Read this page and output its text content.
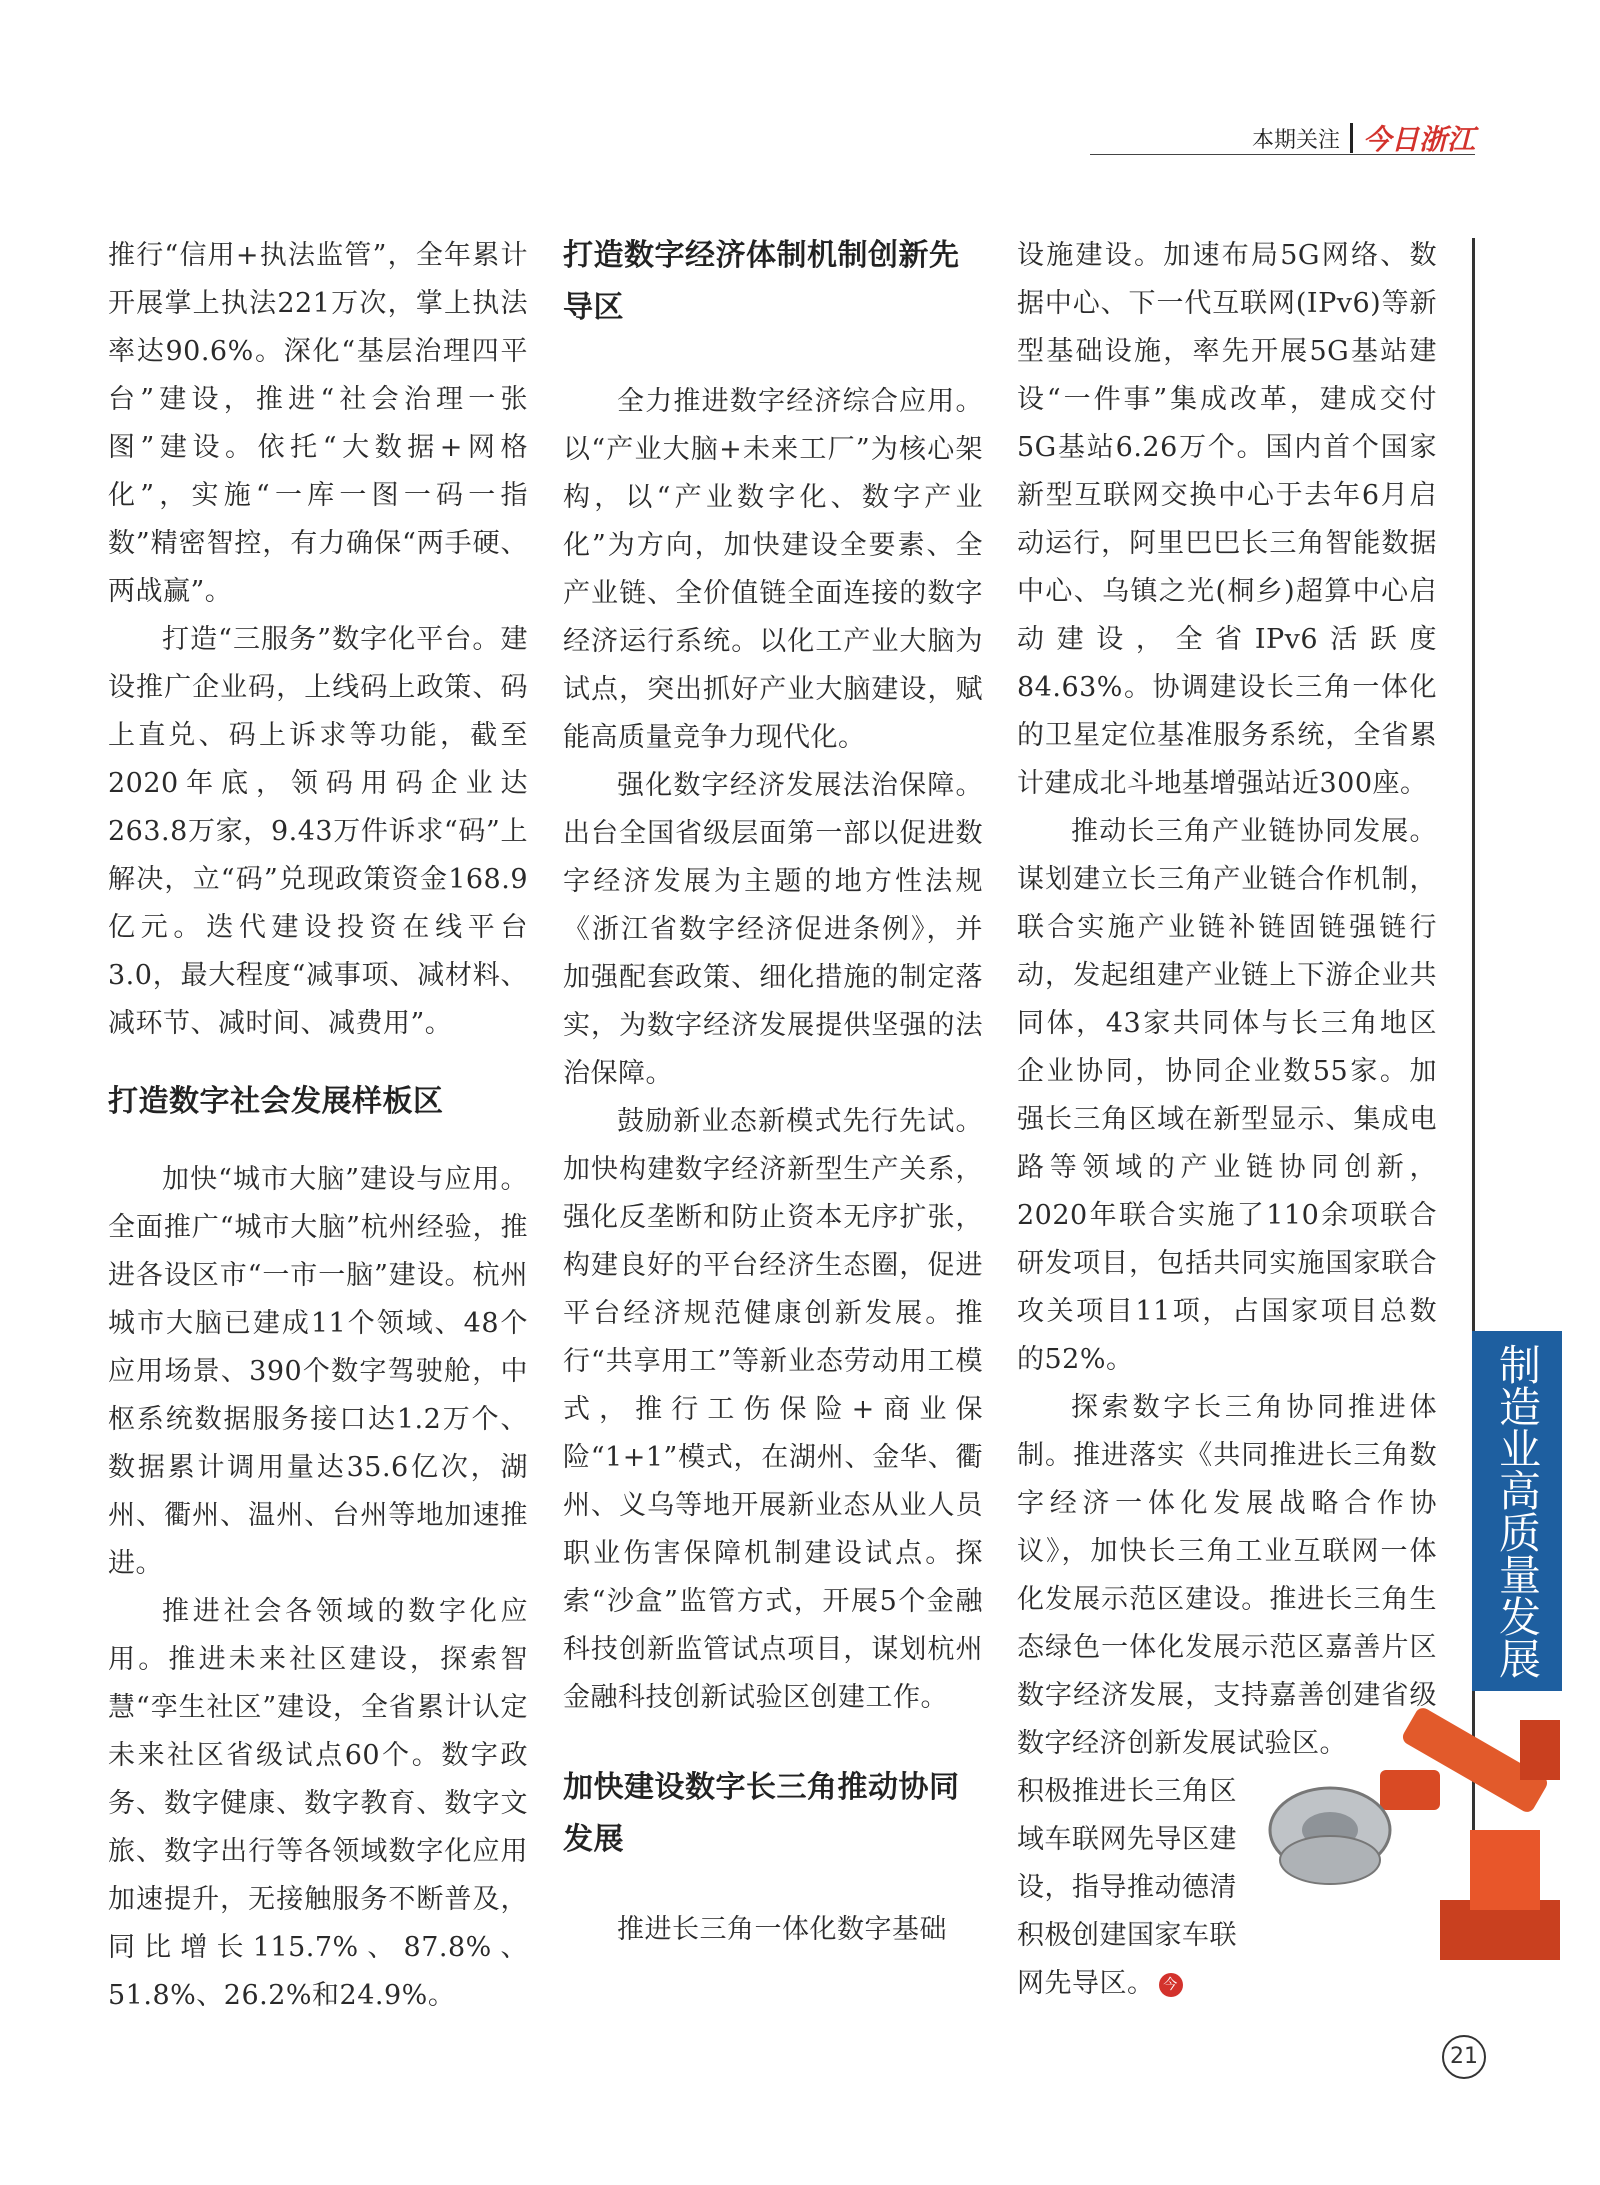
本期关注 今日浙江

推行“信用+执法监管”，全年累计开展掌上执法221万次，掌上执法率达90.6%。深化“基层治理四平台”建设，推进“社会治理一张图”建设。依托“大数据+网格化”，实施“一库一图一码一指数”精密智控，有力确保“两手硬、两战赢”。

打造“三服务”数字化平台。建设推广企业码，上线码上政策、码上直兑、码上诉求等功能，截至2020年底，领码用码企业达263.8万家，9.43万件诉求“码”上解决，立“码”兑现政策资金168.9亿元。迭代建设投资在线平台3.0，最大程度“减事项、减材料、减环节、减时间、减费用”。

打造数字社会发展样板区

加快“城市大脑”建设与应用。全面推广“城市大脑”杭州经验，推进各设区市“一市一脑”建设。杭州城市大脑已建成11个领域、48个应用场景、390个数字驾驶舱，中枢系统数据服务接口达1.2万个、数据累计调用量达35.6亿次，湖州、衢州、温州、台州等地加速推进。

推进社会各领域的数字化应用。推进未来社区建设，探索智慧“孪生社区”建设，全省累计认定未来社区省级试点60个。数字政务、数字健康、数字教育、数字文旅、数字出行等各领域数字化应用加速提升，无接触服务不断普及，同比增长115.7%、87.8%、51.8%、26.2%和24.9%。

打造数字经济体制机制创新先导区

全力推进数字经济综合应用。以“产业大脑+未来工厂”为核心架构，以“产业数字化、数字产业化”为方向，加快建设全要素、全产业链、全价值链全面连接的数字经济运行系统。以化工产业大脑为试点，突出抓好产业大脑建设，赋能高质量竞争力现代化。

强化数字经济发展法治保障。出台全国省级层面第一部以促进数字经济发展为主题的地方性法规《浙江省数字经济促进条例》，并加强配套政策、细化措施的制定落实，为数字经济发展提供坚强的法治保障。

鼓励新业态新模式先行先试。加快构建数字经济新型生产关系，强化反垄断和防止资本无序扩张，构建良好的平台经济生态圈，促进平台经济规范健康创新发展。推行“共享用工”等新业态劳动用工模式，推行工伤保险+商业保险“1+1”模式，在湖州、金华、衢州、义乌等地开展新业态从业人员职业伤害保障机制建设试点。探索“沙盒”监管方式，开展5个金融科技创新监管试点项目，谋划杭州金融科技创新试验区创建工作。

加快建设数字长三角推动协同发展

推进长三角一体化数字基础

设施建设。加速布局5G网络、数据中心、下一代互联网(IPv6)等新型基础设施，率先开展5G基站建设“一件事”集成改革，建成交付5G基站6.26万个。国内首个国家新型互联网交换中心于去年6月启动运行，阿里巴巴长三角智能数据中心、乌镇之光(桐乡)超算中心启动建设，全省IPv6活跃度84.63%。协调建设长三角一体化的卫星定位基准服务系统，全省累计建成北斗地基增强站近300座。

推动长三角产业链协同发展。谋划建立长三角产业链合作机制，联合实施产业链补链固链强链行动，发起组建产业链上下游企业共同体，43家共同体与长三角地区企业协同，协同企业数55家。加强长三角区域在新型显示、集成电路等领域的产业链协同创新，2020年联合实施了110余项联合研发项目，包括共同实施国家联合攻关项目11项，占国家项目总数的52%。

探索数字长三角协同推进体制。推进落实《共同推进长三角数字经济一体化发展战略合作协议》，加快长三角工业互联网一体化发展示范区建设。推进长三角生态绿色一体化发展示范区嘉善片区数字经济发展，支持嘉善创建省级数字经济创新发展试验区。

积极推进长三角区域车联网先导区建设，指导推动德清积极创建国家车联网先导区。 今

制造业高质量发展
21
